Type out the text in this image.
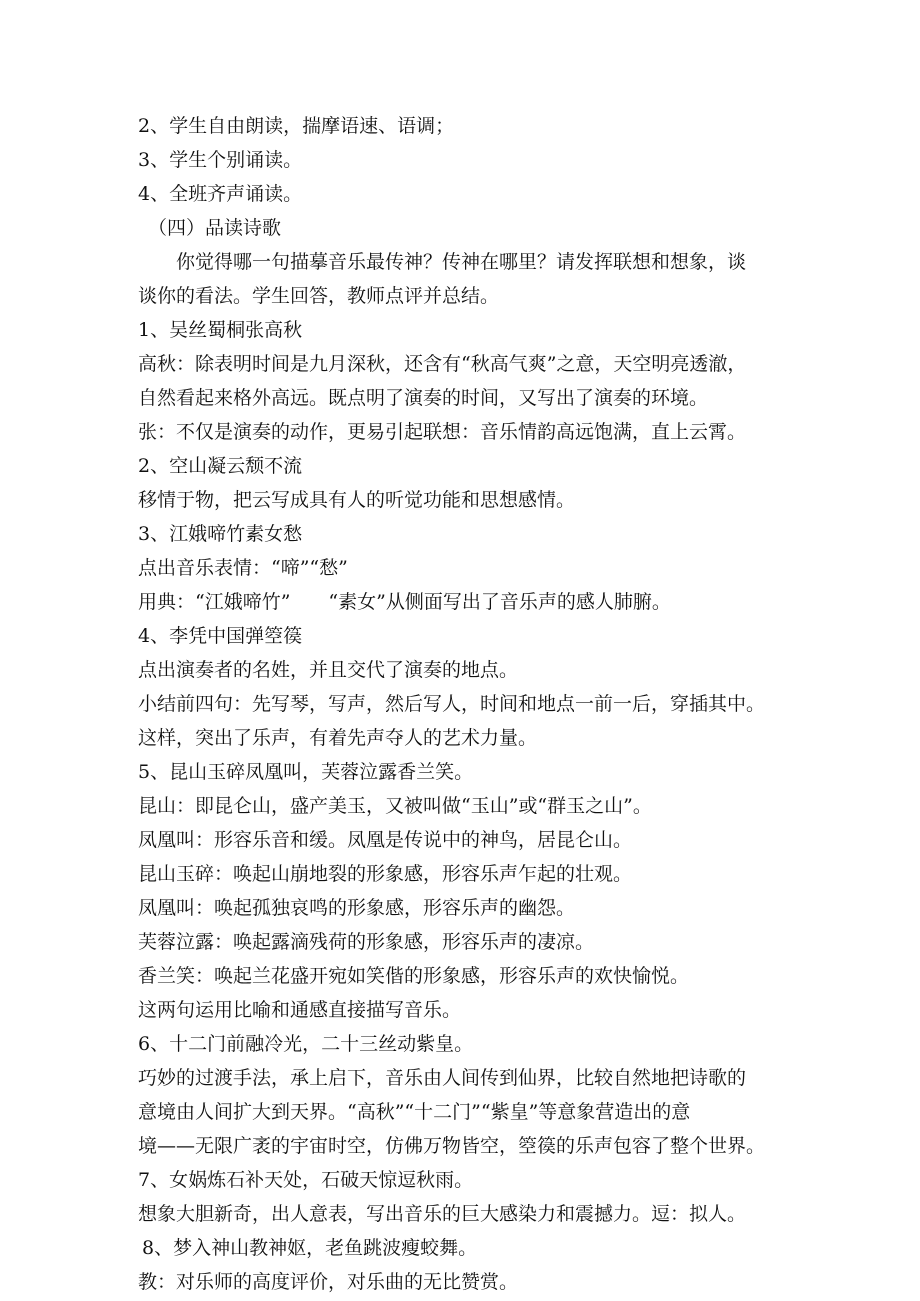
2、学生自由朗读，揣摩语速、语调；
3、学生个别诵读。
4、全班齐声诵读。
（四）品读诗歌
你觉得哪一句描摹音乐最传神？传神在哪里？请发挥联想和想象，谈
谈你的看法。学生回答，教师点评并总结。
1、吴丝蜀桐张高秋
高秋：除表明时间是九月深秋，还含有“秋高气爽”之意，天空明亮透澈，
自然看起来格外高远。既点明了演奏的时间，又写出了演奏的环境。
张：不仅是演奏的动作，更易引起联想：音乐情韵高远饱满，直上云霄。
2、空山凝云颓不流
移情于物，把云写成具有人的听觉功能和思想感情。
3、江娥啼竹素女愁
点出音乐表情：“啼”“愁”
用典：“江娥啼竹”　　“素女”从侧面写出了音乐声的感人肺腑。
4、李凭中国弹箜篌
点出演奏者的名姓，并且交代了演奏的地点。
小结前四句：先写琴，写声，然后写人，时间和地点一前一后，穿插其中。
这样，突出了乐声，有着先声夺人的艺术力量。
5、昆山玉碎凤凰叫，芙蓉泣露香兰笑。
昆山：即昆仑山，盛产美玉，又被叫做“玉山”或“群玉之山”。
凤凰叫：形容乐音和缓。凤凰是传说中的神鸟，居昆仑山。
昆山玉碎：唤起山崩地裂的形象感，形容乐声乍起的壮观。
凤凰叫：唤起孤独哀鸣的形象感，形容乐声的幽怨。
芙蓉泣露：唤起露滴残荷的形象感，形容乐声的凄凉。
香兰笑：唤起兰花盛开宛如笑偕的形象感，形容乐声的欢快愉悦。
这两句运用比喻和通感直接描写音乐。
6、十二门前融冷光，二十三丝动紫皇。
巧妙的过渡手法，承上启下，音乐由人间传到仙界，比较自然地把诗歌的
意境由人间扩大到天界。“高秋”“十二门”“紫皇”等意象营造出的意
境——无限广袤的宇宙时空，仿佛万物皆空，箜篌的乐声包容了整个世界。
7、女娲炼石补天处，石破天惊逗秋雨。
想象大胆新奇，出人意表，写出音乐的巨大感染力和震撼力。逗：拟人。
8、梦入神山教神妪，老鱼跳波瘦蛟舞。
教：对乐师的高度评价，对乐曲的无比赞赏。
